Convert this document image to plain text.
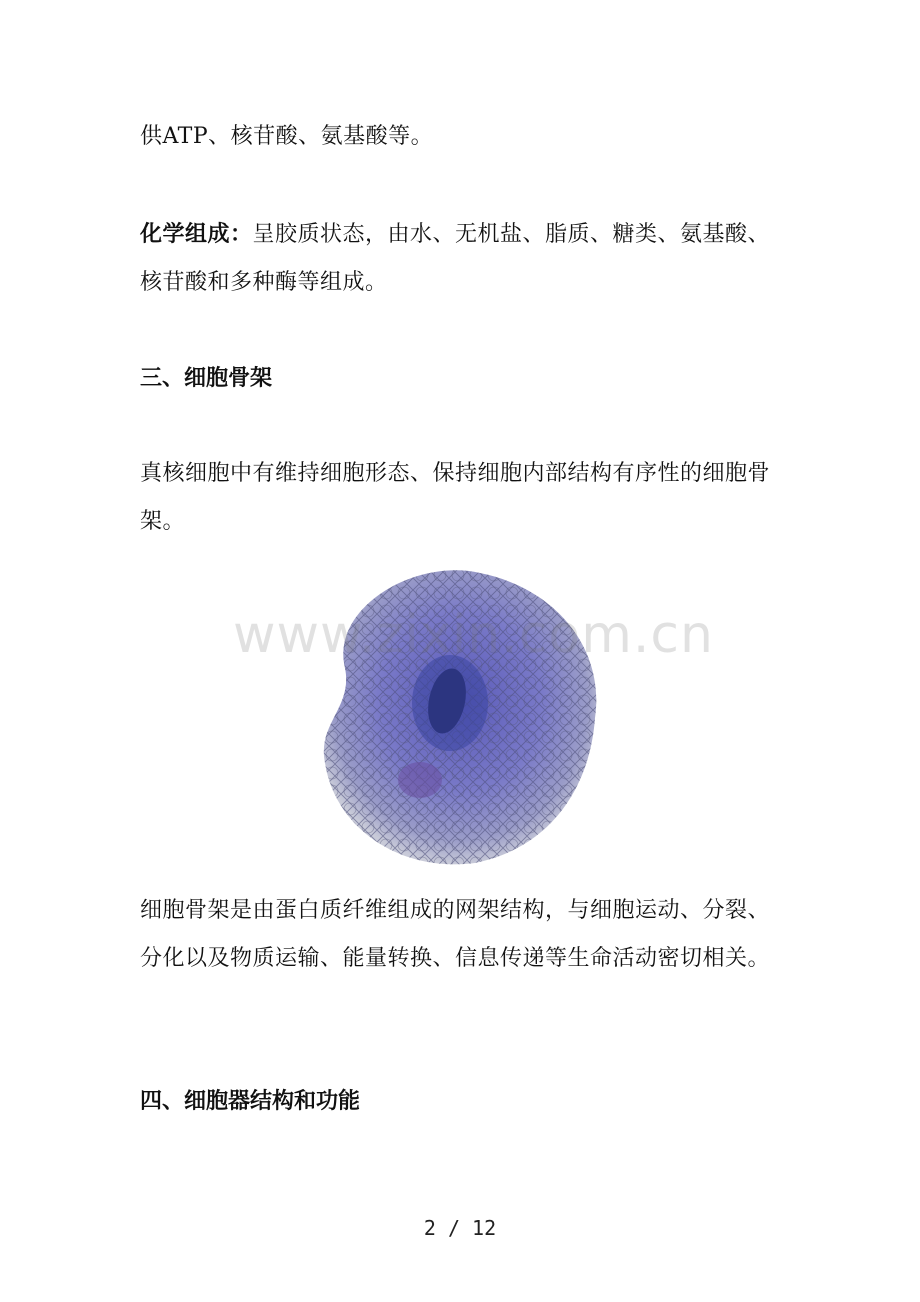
供ATP、核苷酸、氨基酸等。

化学组成：呈胶质状态，由水、无机盐、脂质、糖类、氨基酸、核苷酸和多种酶等组成。

三、细胞骨架

真核细胞中有维持细胞形态、保持细胞内部结构有序性的细胞骨架。

www.zixin.com.cn

细胞骨架是由蛋白质纤维组成的网架结构，与细胞运动、分裂、分化以及物质运输、能量转换、信息传递等生命活动密切相关。

四、细胞器结构和功能
2 / 12
